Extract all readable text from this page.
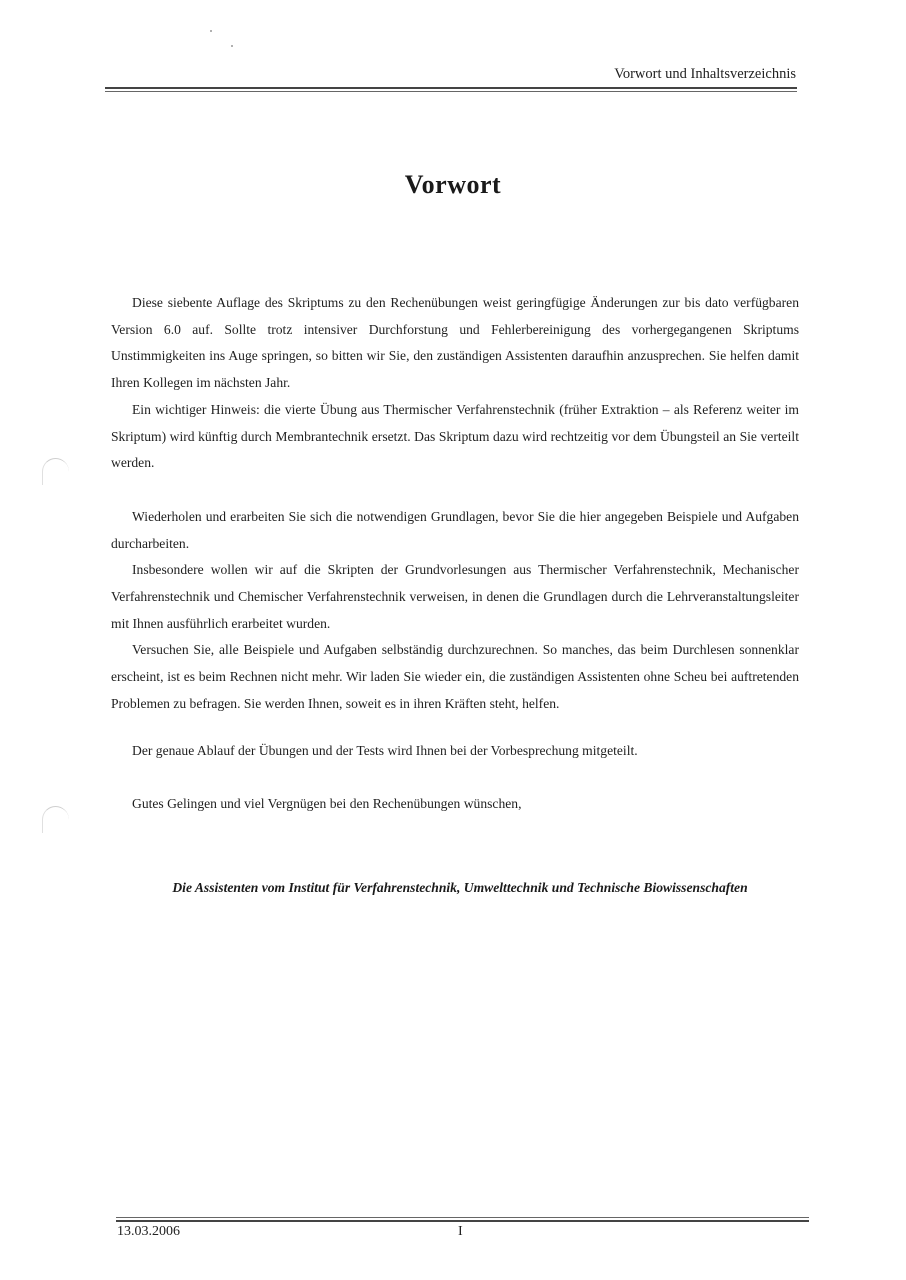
Vorwort und Inhaltsverzeichnis
Vorwort

Diese siebente Auflage des Skriptums zu den Rechenübungen weist geringfügige Änderungen zur bis dato verfügbaren Version 6.0 auf. Sollte trotz intensiver Durchforstung und Fehlerbereinigung des vorhergegangenen Skriptums Unstimmigkeiten ins Auge springen, so bitten wir Sie, den zuständigen Assistenten daraufhin anzusprechen. Sie helfen damit Ihren Kollegen im nächsten Jahr.

Ein wichtiger Hinweis: die vierte Übung aus Thermischer Verfahrenstechnik (früher Extraktion – als Referenz weiter im Skriptum) wird künftig durch Membrantechnik ersetzt. Das Skriptum dazu wird rechtzeitig vor dem Übungsteil an Sie verteilt werden.

Wiederholen und erarbeiten Sie sich die notwendigen Grundlagen, bevor Sie die hier angegeben Beispiele und Aufgaben durcharbeiten.

Insbesondere wollen wir auf die Skripten der Grundvorlesungen aus Thermischer Verfahrenstechnik, Mechanischer Verfahrenstechnik und Chemischer Verfahrenstechnik verweisen, in denen die Grundlagen durch die Lehrveranstaltungsleiter mit Ihnen ausführlich erarbeitet wurden.

Versuchen Sie, alle Beispiele und Aufgaben selbständig durchzurechnen. So manches, das beim Durchlesen sonnenklar erscheint, ist es beim Rechnen nicht mehr. Wir laden Sie wieder ein, die zuständigen Assistenten ohne Scheu bei auftretenden Problemen zu befragen. Sie werden Ihnen, soweit es in ihren Kräften steht, helfen.

Der genaue Ablauf der Übungen und der Tests wird Ihnen bei der Vorbesprechung mitgeteilt.

Gutes Gelingen und viel Vergnügen bei den Rechenübungen wünschen,

Die Assistenten vom Institut für Verfahrenstechnik, Umwelttechnik und Technische Biowissenschaften
13.03.2006	I
